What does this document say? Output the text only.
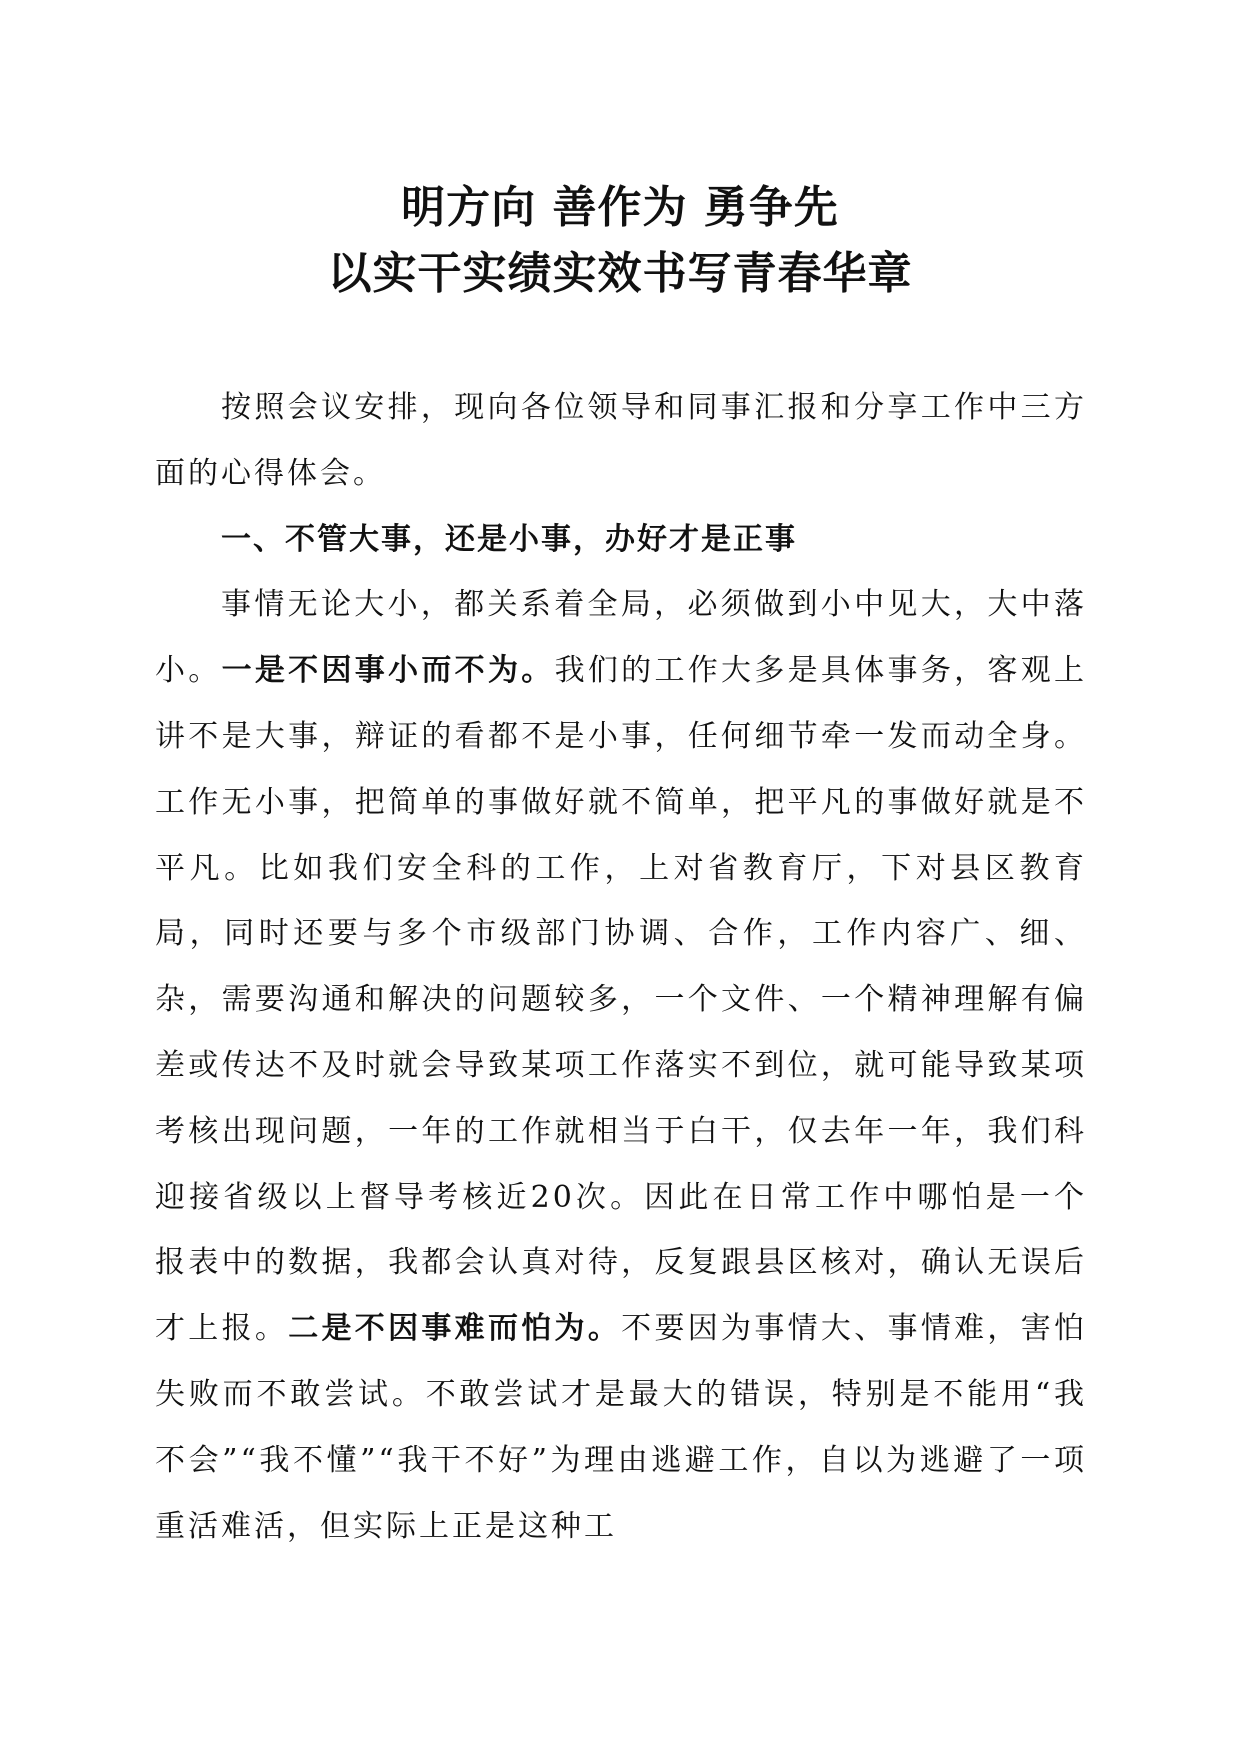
明方向 善作为 勇争先
以实干实绩实效书写青春华章

按照会议安排，现向各位领导和同事汇报和分享工作中三方面的心得体会。

一、不管大事，还是小事，办好才是正事

事情无论大小，都关系着全局，必须做到小中见大，大中落小。一是不因事小而不为。我们的工作大多是具体事务，客观上讲不是大事，辩证的看都不是小事，任何细节牵一发而动全身。工作无小事，把简单的事做好就不简单，把平凡的事做好就是不平凡。比如我们安全科的工作，上对省教育厅，下对县区教育局，同时还要与多个市级部门协调、合作，工作内容广、细、杂，需要沟通和解决的问题较多，一个文件、一个精神理解有偏差或传达不及时就会导致某项工作落实不到位，就可能导致某项考核出现问题，一年的工作就相当于白干，仅去年一年，我们科迎接省级以上督导考核近20次。因此在日常工作中哪怕是一个报表中的数据，我都会认真对待，反复跟县区核对，确认无误后才上报。二是不因事难而怕为。不要因为事情大、事情难，害怕失败而不敢尝试。不敢尝试才是最大的错误，特别是不能用“我不会”“我不懂”“我干不好”为理由逃避工作，自以为逃避了一项重活难活，但实际上正是这种工
